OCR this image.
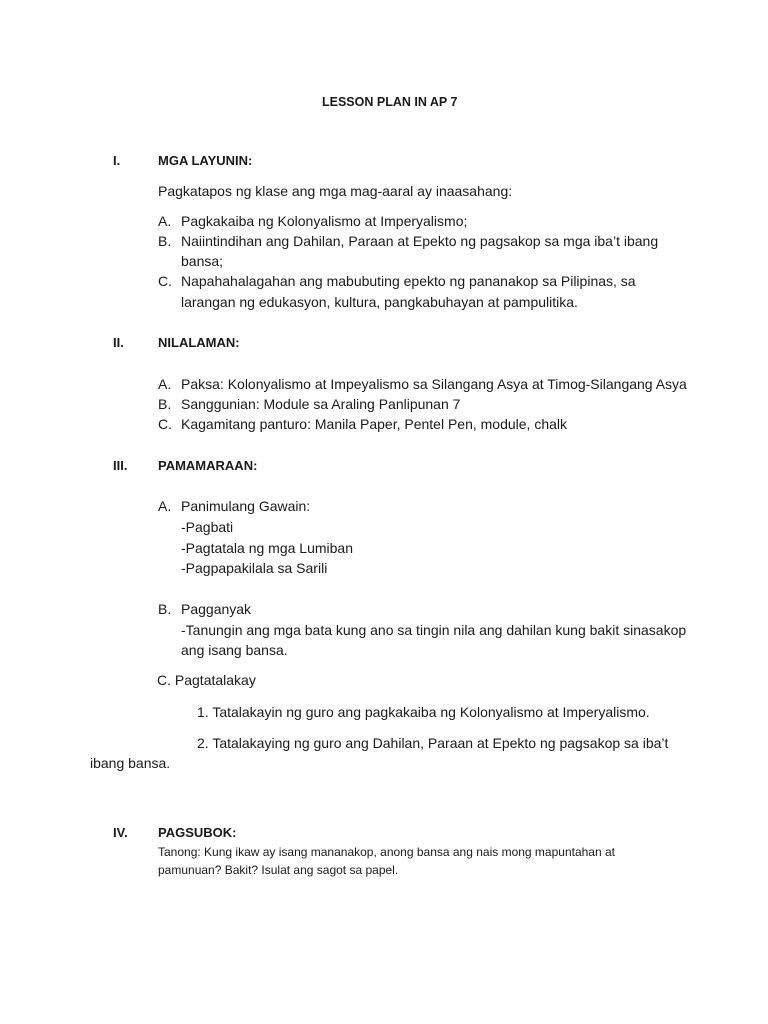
LESSON PLAN IN AP 7
I.	MGA LAYUNIN:
Pagkatapos ng klase ang mga mag-aaral ay inaasahang:
A. Pagkakaiba ng Kolonyalismo at Imperyalismo;
B. Naiintindihan ang Dahilan, Paraan at Epekto ng pagsakop sa mga iba’t ibang
bansa;
C. Napahahalagahan ang mabubuting epekto ng pananakop sa Pilipinas, sa
larangan ng edukasyon, kultura, pangkabuhayan at pampulitika.
II.	NILALAMAN:
A. Paksa: Kolonyalismo at Impeyalismo sa Silangang Asya at Timog-Silangang Asya
B. Sanggunian: Module sa Araling Panlipunan 7
C. Kagamitang panturo: Manila Paper, Pentel Pen, module, chalk
III. PAMAMARAAN:
A. Panimulang Gawain:
-Pagbati
-Pagtatala ng mga Lumiban
-Pagpapakilala sa Sarili
B. Pagganyak
-Tanungin ang mga bata kung ano sa tingin nila ang dahilan kung bakit sinasakop
ang isang bansa.
C. Pagtatalakay
1. Tatalakayin ng guro ang pagkakaiba ng Kolonyalismo at Imperyalismo.
2. Tatalakaying ng guro ang Dahilan, Paraan at Epekto ng pagsakop sa iba’t
ibang bansa.
IV. PAGSUBOK:
Tanong: Kung ikaw ay isang mananakop, anong bansa ang nais mong mapuntahan at
pamunuan? Bakit? Isulat ang sagot sa papel.
